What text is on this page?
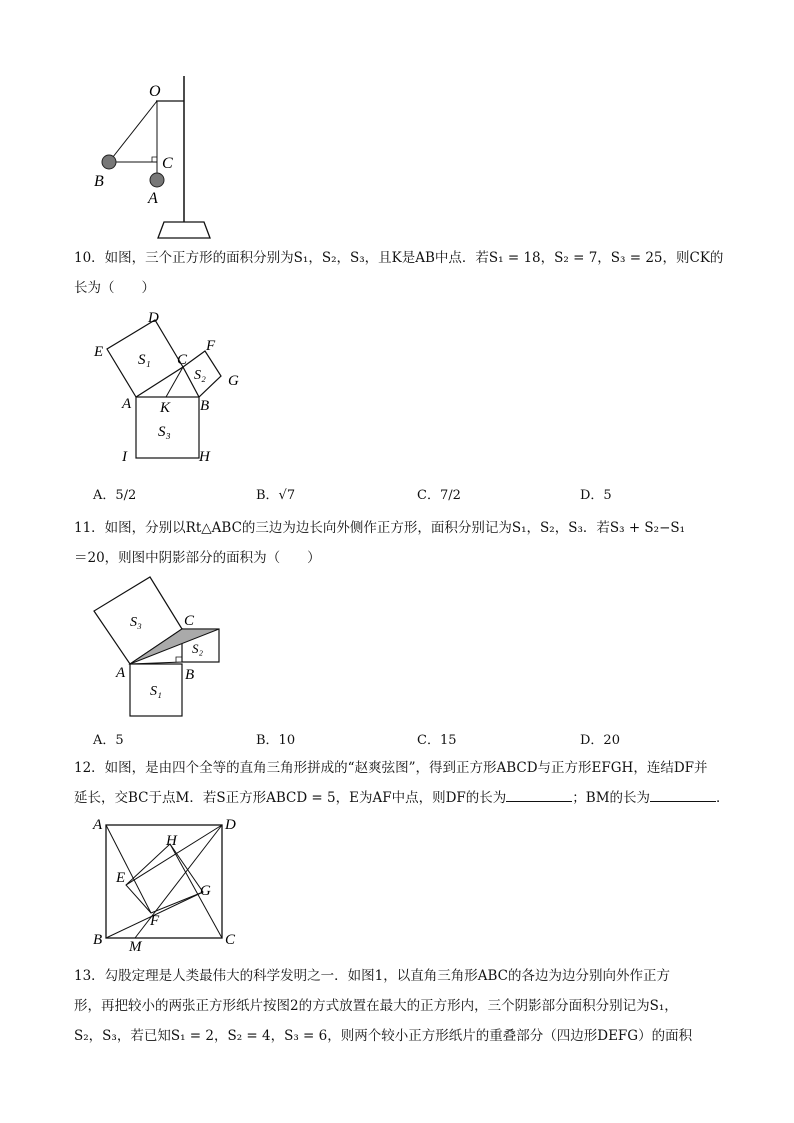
O
C
B
A
10．如图，三个正方形的面积分别为S₁，S₂，S₃，且K是AB中点．若S₁ = 18，S₂ = 7，S₃ = 25，则CK的
长为（　　）
D
E S₁ C
F
S₂ G
A K B
S₃
I	H
A．5/2	B．√7	C．7/2	D．5
11．如图，分别以Rt△ABC的三边为边长向外侧作正方形，面积分别记为S₁，S₂，S₃．若S₃ + S₂−S₁
＝20，则图中阴影部分的面积为（　　）
S₃	C
S₂
A	B
S₁
A．5	B．10	C．15	D．20
12．如图，是由四个全等的直角三角形拼成的“赵爽弦图”，得到正方形ABCD与正方形EFGH，连结DF并
延长，交BC于点M．若S正方形ABCD = 5，E为AF中点，则DF的长为	；BM的长为	．
A	D
H
E
G
F
B M	C
13．勾股定理是人类最伟大的科学发明之一．如图1，以直角三角形ABC的各边为边分别向外作正方
形，再把较小的两张正方形纸片按图2的方式放置在最大的正方形内，三个阴影部分面积分别记为S₁，
S₂，S₃，若已知S₁ = 2，S₂ = 4，S₃ = 6，则两个较小正方形纸片的重叠部分（四边形DEFG）的面积
